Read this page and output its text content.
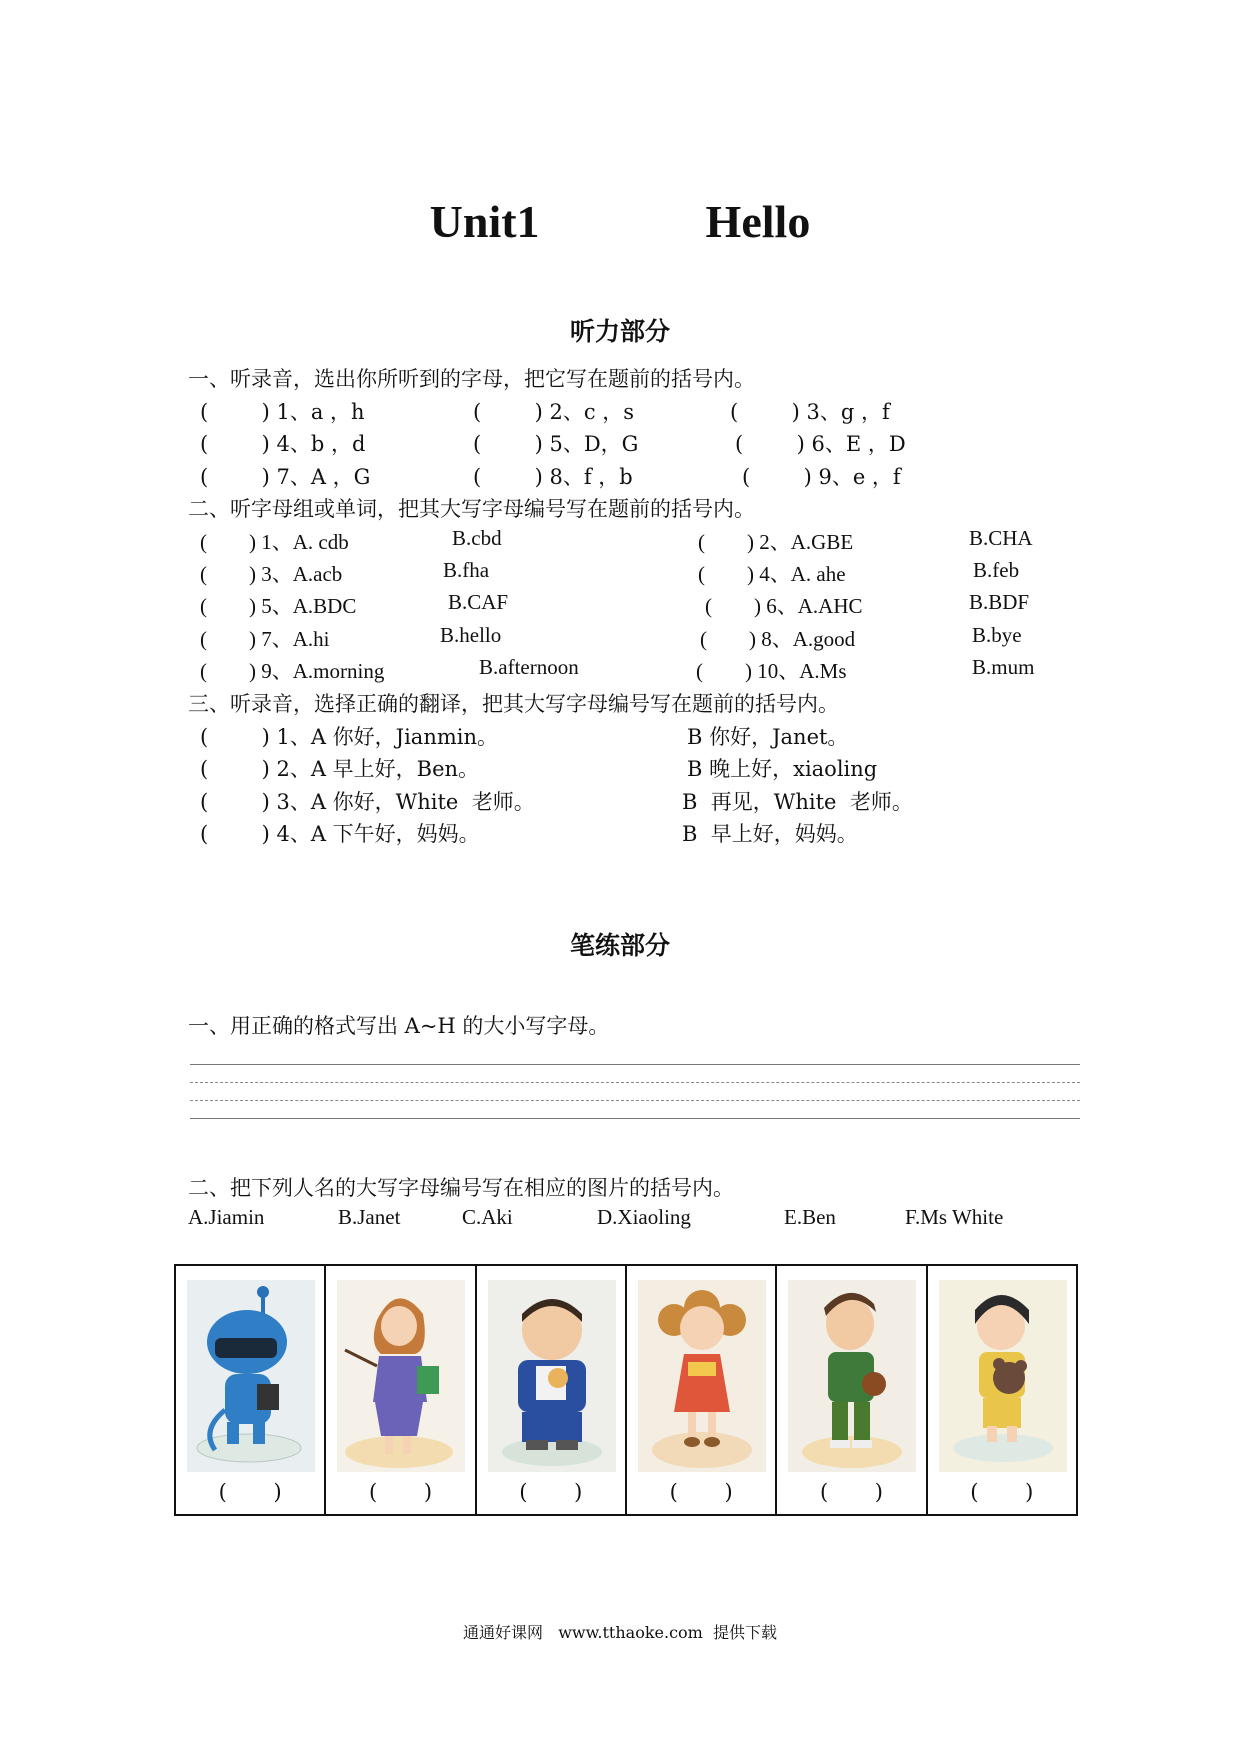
Unit1    Hello
听力部分
一、听录音，选出你所听到的字母，把它写在题前的括号内。
(        ) 1、a ，h	(        ) 2、c ，s	(        ) 3、g ，f
(        ) 4、b ，d	(        ) 5、D，G	(        ) 6、E ，D
(        ) 7、A ，G	(        ) 8、f ，b	(        ) 9、e ，f
二、听字母组或单词，把其大写字母编号写在题前的括号内。
(        ) 1、A. cdb	B.cbd	(        ) 2、A.GBE	B.CHA
(        ) 3、A.acb	B.fha	(        ) 4、A. ahe	B.feb
(        ) 5、A.BDC	B.CAF	(        ) 6、A.AHC	B.BDF
(        ) 7、A.hi	B.hello	(        ) 8、A.good	B.bye
(        ) 9、A.morning	B.afternoon	(        ) 10、A.Ms	B.mum
三、听录音，选择正确的翻译，把其大写字母编号写在题前的括号内。
(        ) 1、A 你好，Jianmin。	B 你好，Janet。
(        ) 2、A 早上好，Ben。	B 晚上好，xiaoling
(        ) 3、A 你好，White  老师。	B  再见，White  老师。
(        ) 4、A 下午好，妈妈。	B  早上好，妈妈。
笔练部分
一、用正确的格式写出 A~H 的大小写字母。
二、把下列人名的大写字母编号写在相应的图片的括号内。
A.Jiamin	B.Janet	C.Aki	D.Xiaoling	E.Ben	F.Ms White
( )	( )	( )	( )	( )	( )
通通好课网   www.tthaoke.com  提供下载
